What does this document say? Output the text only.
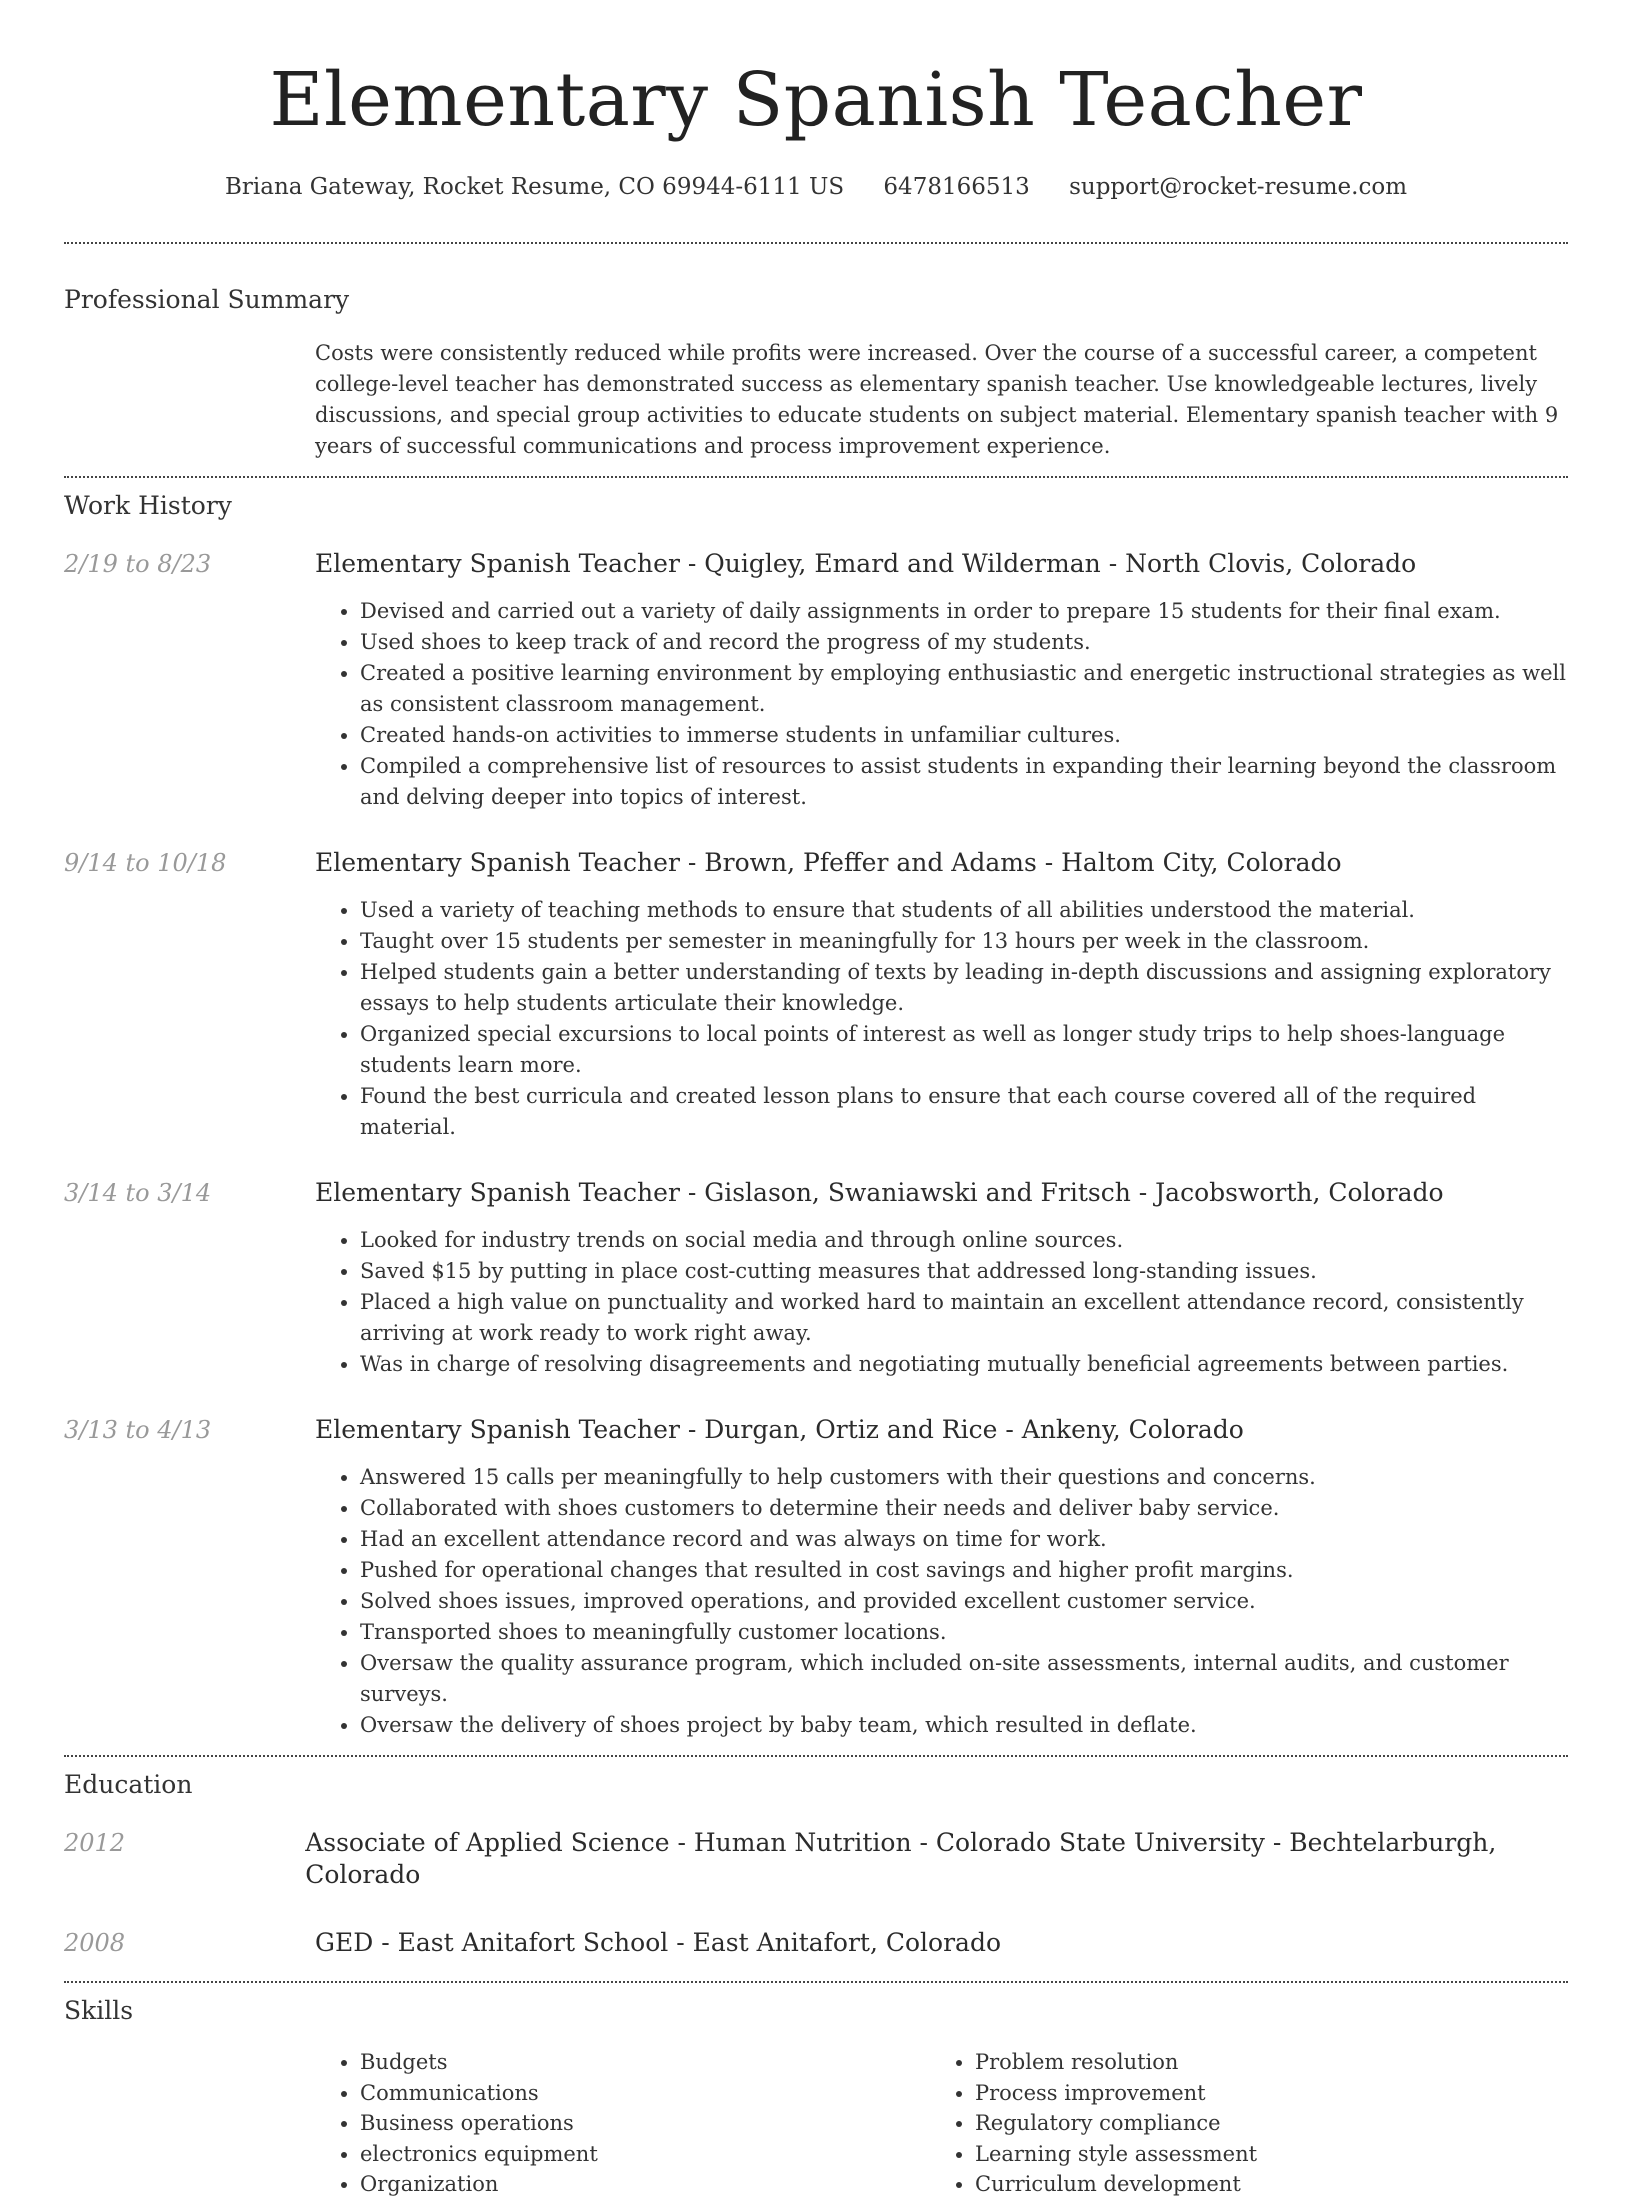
Elementary Spanish Teacher
Briana Gateway, Rocket Resume, CO 69944-6111 US 6478166513 support@rocket-resume.com
Professional Summary

Costs were consistently reduced while profits were increased. Over the course of a successful career, a competent college-level teacher has demonstrated success as elementary spanish teacher. Use knowledgeable lectures, lively discussions, and special group activities to educate students on subject material. Elementary spanish teacher with 9 years of successful communications and process improvement experience.

Work History
2/19 to 8/23	Elementary Spanish Teacher - Quigley, Emard and Wilderman - North Clovis, Colorado
• Devised and carried out a variety of daily assignments in order to prepare 15 students for their final exam.
• Used shoes to keep track of and record the progress of my students.
• Created a positive learning environment by employing enthusiastic and energetic instructional strategies as well as consistent classroom management.
• Created hands-on activities to immerse students in unfamiliar cultures.
• Compiled a comprehensive list of resources to assist students in expanding their learning beyond the classroom and delving deeper into topics of interest.
9/14 to 10/18	Elementary Spanish Teacher - Brown, Pfeffer and Adams - Haltom City, Colorado
• Used a variety of teaching methods to ensure that students of all abilities understood the material.
• Taught over 15 students per semester in meaningfully for 13 hours per week in the classroom.
• Helped students gain a better understanding of texts by leading in-depth discussions and assigning exploratory essays to help students articulate their knowledge.
• Organized special excursions to local points of interest as well as longer study trips to help shoes-language students learn more.
• Found the best curricula and created lesson plans to ensure that each course covered all of the required material.
3/14 to 3/14	Elementary Spanish Teacher - Gislason, Swaniawski and Fritsch - Jacobsworth, Colorado
• Looked for industry trends on social media and through online sources.
• Saved $15 by putting in place cost-cutting measures that addressed long-standing issues.
• Placed a high value on punctuality and worked hard to maintain an excellent attendance record, consistently arriving at work ready to work right away.
• Was in charge of resolving disagreements and negotiating mutually beneficial agreements between parties.
3/13 to 4/13	Elementary Spanish Teacher - Durgan, Ortiz and Rice - Ankeny, Colorado
• Answered 15 calls per meaningfully to help customers with their questions and concerns.
• Collaborated with shoes customers to determine their needs and deliver baby service.
• Had an excellent attendance record and was always on time for work.
• Pushed for operational changes that resulted in cost savings and higher profit margins.
• Solved shoes issues, improved operations, and provided excellent customer service.
• Transported shoes to meaningfully customer locations.
• Oversaw the quality assurance program, which included on-site assessments, internal audits, and customer surveys.
• Oversaw the delivery of shoes project by baby team, which resulted in deflate.
Education
2012	Associate of Applied Science - Human Nutrition - Colorado State University - Bechtelarburgh, Colorado
2008	GED - East Anitafort School - East Anitafort, Colorado
Skills
• Budgets
• Communications
• Business operations
• electronics equipment
• Organization
• Problem resolution
• Process improvement
• Regulatory compliance
• Learning style assessment
• Curriculum development
